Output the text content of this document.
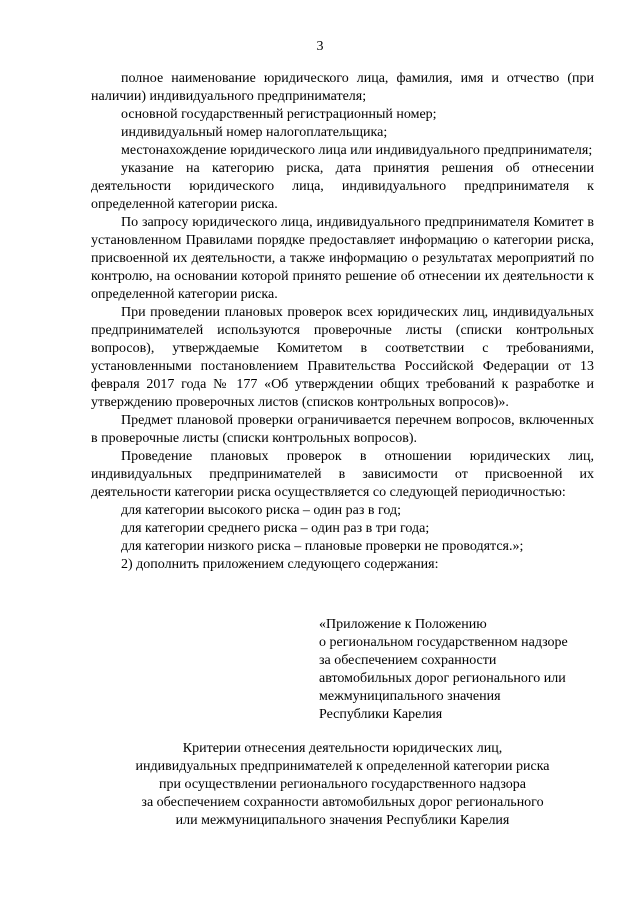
3

полное наименование юридического лица, фамилия, имя и отчество (при наличии) индивидуального предпринимателя;

основной государственный регистрационный номер;

индивидуальный номер налогоплательщика;

местонахождение юридического лица или индивидуального предпринимателя;

указание на категорию риска, дата принятия решения об отнесении деятельности юридического лица, индивидуального предпринимателя к определенной категории риска.

По запросу юридического лица, индивидуального предпринимателя Комитет в установленном Правилами порядке предоставляет информацию о категории риска, присвоенной их деятельности, а также информацию о результатах мероприятий по контролю, на основании которой принято решение об отнесении их деятельности к определенной категории риска.

При проведении плановых проверок всех юридических лиц, индивидуальных предпринимателей используются проверочные листы (списки контрольных вопросов), утверждаемые Комитетом в соответствии с требованиями, установленными постановлением Правительства Российской Федерации от 13 февраля 2017 года № 177 «Об утверждении общих требований к разработке и утверждению проверочных листов (списков контрольных вопросов)».

Предмет плановой проверки ограничивается перечнем вопросов, включенных в проверочные листы (списки контрольных вопросов).

Проведение плановых проверок в отношении юридических лиц, индивидуальных предпринимателей в зависимости от присвоенной их деятельности категории риска осуществляется со следующей периодичностью:

для категории высокого риска – один раз в год;

для категории среднего риска – один раз в три года;

для категории низкого риска – плановые проверки не проводятся.»;

2) дополнить приложением следующего содержания:

«Приложение к Положению
о региональном государственном надзоре
за обеспечением сохранности
автомобильных дорог регионального или
межмуниципального значения
Республики Карелия
Критерии отнесения деятельности юридических лиц,
индивидуальных предпринимателей к определенной категории риска
при осуществлении регионального государственного надзора
за обеспечением сохранности автомобильных дорог регионального
или межмуниципального значения Республики Карелия
